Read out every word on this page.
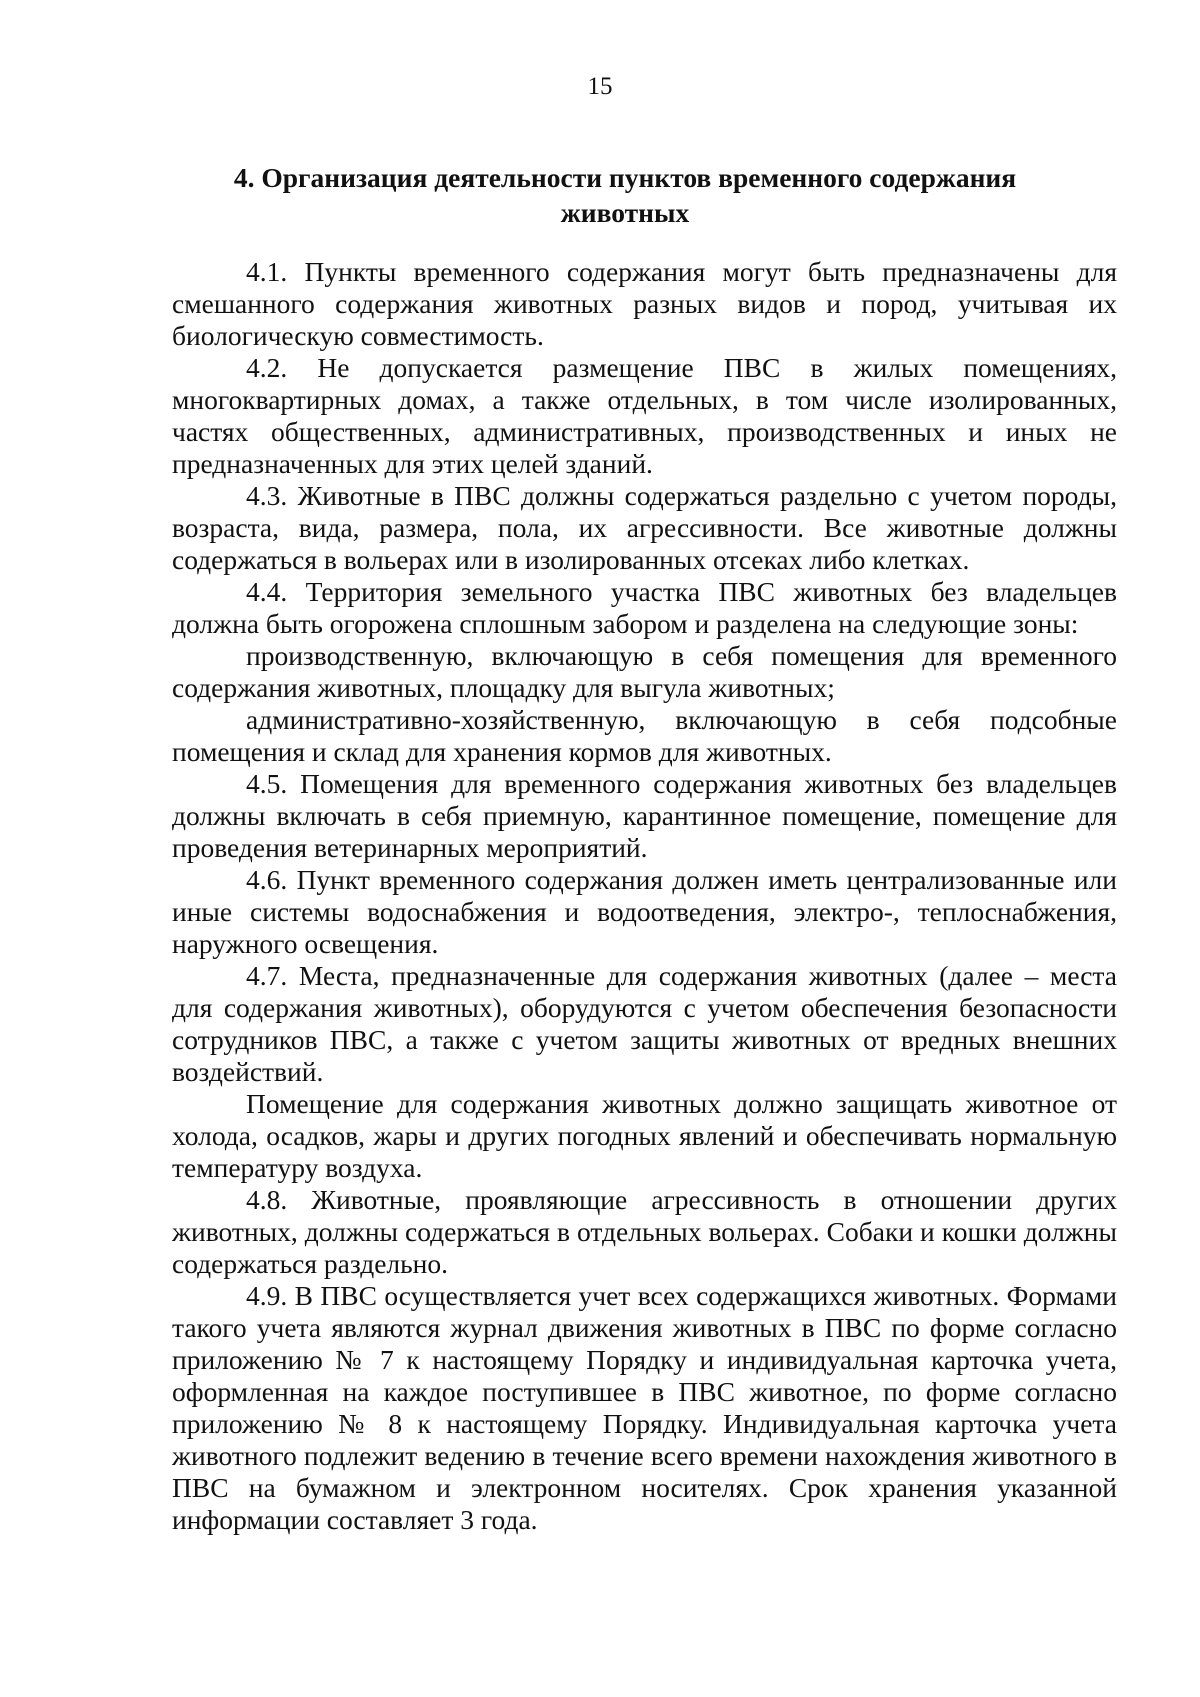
15
4. Организация деятельности пунктов временного содержания животных

4.1. Пункты временного содержания могут быть предназначены для смешанного содержания животных разных видов и пород, учитывая их биологическую совместимость.

4.2. Не допускается размещение ПВС в жилых помещениях, многоквартирных домах, а также отдельных, в том числе изолированных, частях общественных, административных, производственных и иных не предназначенных для этих целей зданий.

4.3. Животные в ПВС должны содержаться раздельно с учетом породы, возраста, вида, размера, пола, их агрессивности. Все животные должны содержаться в вольерах или в изолированных отсеках либо клетках.

4.4. Территория земельного участка ПВС животных без владельцев должна быть огорожена сплошным забором и разделена на следующие зоны:

производственную, включающую в себя помещения для временного содержания животных, площадку для выгула животных;

административно-хозяйственную, включающую в себя подсобные помещения и склад для хранения кормов для животных.

4.5. Помещения для временного содержания животных без владельцев должны включать в себя приемную, карантинное помещение, помещение для проведения ветеринарных мероприятий.

4.6. Пункт временного содержания должен иметь централизованные или иные системы водоснабжения и водоотведения, электро-, теплоснабжения, наружного освещения.

4.7. Места, предназначенные для содержания животных (далее – места для содержания животных), оборудуются с учетом обеспечения безопасности сотрудников ПВС, а также с учетом защиты животных от вредных внешних воздействий.

Помещение для содержания животных должно защищать животное от холода, осадков, жары и других погодных явлений и обеспечивать нормальную температуру воздуха.

4.8. Животные, проявляющие агрессивность в отношении других животных, должны содержаться в отдельных вольерах. Собаки и кошки должны содержаться раздельно.

4.9. В ПВС осуществляется учет всех содержащихся животных. Формами такого учета являются журнал движения животных в ПВС по форме согласно приложению № 7 к настоящему Порядку и индивидуальная карточка учета, оформленная на каждое поступившее в ПВС животное, по форме согласно приложению № 8 к настоящему Порядку. Индивидуальная карточка учета животного подлежит ведению в течение всего времени нахождения животного в ПВС на бумажном и электронном носителях. Срок хранения указанной информации составляет 3 года.
